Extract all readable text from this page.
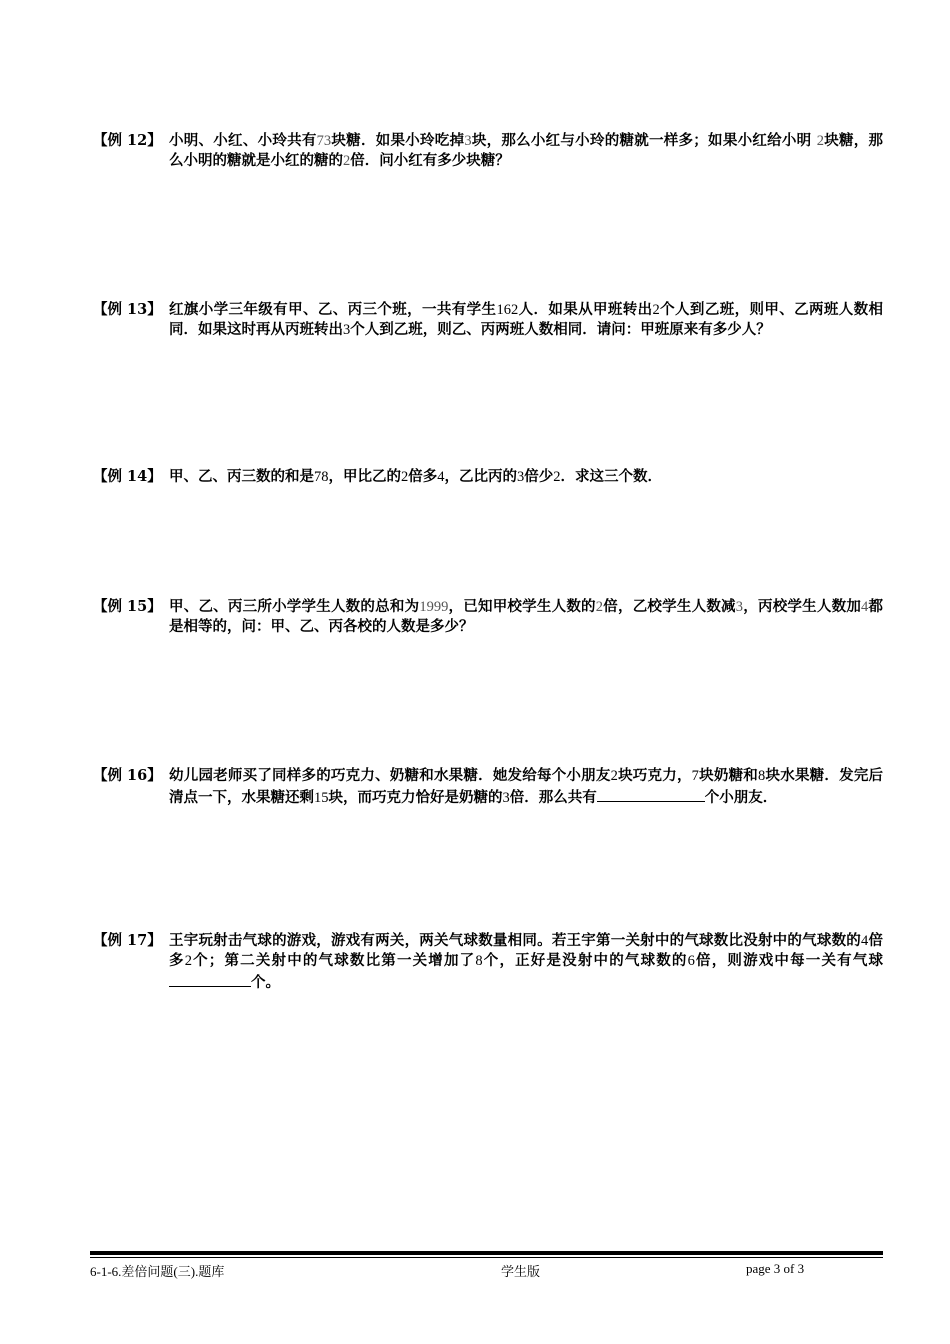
【例 12】 小明、小红、小玲共有73块糖．如果小玲吃掉3块，那么小红与小玲的糖就一样多；如果小红给小明 2块糖，那么小明的糖就是小红的糖的2倍．问小红有多少块糖？
【例 13】 红旗小学三年级有甲、乙、丙三个班，一共有学生162人．如果从甲班转出2个人到乙班，则甲、乙两班人数相同．如果这时再从丙班转出3个人到乙班，则乙、丙两班人数相同．请问：甲班原来有多少人？
【例 14】 甲、乙、丙三数的和是78，甲比乙的2倍多4，乙比丙的3倍少2．求这三个数．
【例 15】 甲、乙、丙三所小学学生人数的总和为1999，已知甲校学生人数的2倍，乙校学生人数减3，丙校学生人数加4都是相等的，问：甲、乙、丙各校的人数是多少？
【例 16】 幼儿园老师买了同样多的巧克力、奶糖和水果糖．她发给每个小朋友2块巧克力，7块奶糖和8块水果糖．发完后清点一下，水果糖还剩15块，而巧克力恰好是奶糖的3倍．那么共有	个小朋友．
【例 17】 王宇玩射击气球的游戏，游戏有两关，两关气球数量相同。若王宇第一关射中的气球数比没射中的气球数的4倍多2个；第二关射中的气球数比第一关增加了8个，正好是没射中的气球数的6倍，则游戏中每一关有气球个。
6-1-6.差倍问题(三).题库	学生版	page 3 of 3
